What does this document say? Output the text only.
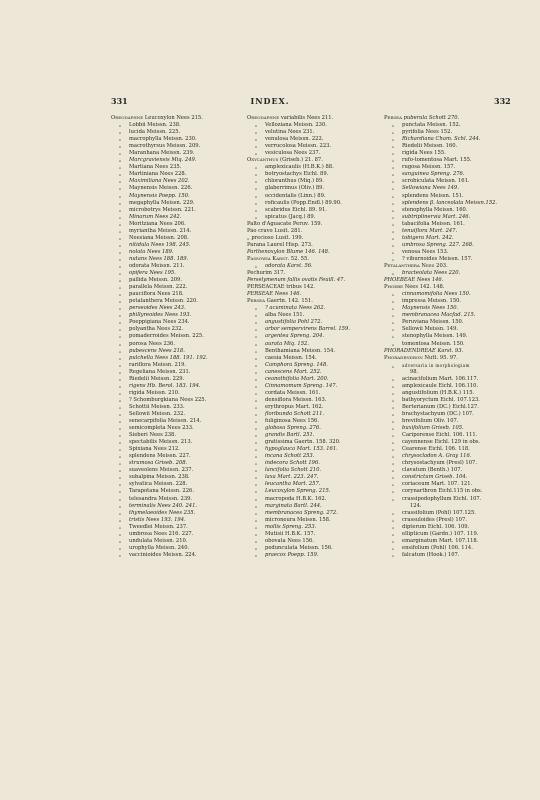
331	INDEX.	332
Oreodaphne Leucoxylon Nees 215.
„ Lobbii Meissn. 238.
„ lucida Meissn. 225.
„ macrophylla Meissn. 230.
„ macrothyrsus Meissn. 209.
„ Maranhana Meissn. 239.
„ Marcgraviensis Miq. 249.
„ Martiana Nees 235.
„ Martiniana Nees 228.
„ Maximiliana Nees 202.
„ Maynensis Meissn. 226.
„ Maynensis Poepp. 150.
„ megaphylla Meissn. 229.
„ microbotrys Meissn. 221.
„ Minarum Nees 242.
„ Moritziana Nees 206.
„ myriantha Meissn. 214.
„ Neesiana Meissn. 208.
„ nitidula Nees 198. 245.
„ nolata Nees 189.
„ nutans Nees 188. 189.
„ odorata Meissn. 211.
„ opifera Nees 195.
„ pallida Meissn. 209.
„ parallela Meissn. 222.
„ pauciflora Nees 218.
„ petalanthera Meissn. 220.
„ perseoides Nees 243.
„ phillyreoides Nees 193.
„ Poeppigiana Nees 234.
„ polyantha Nees 232.
„ pomaderroides Meissn. 225.
„ porosa Nees 236.
„ pubescens Nees 218.
„ pulchella Nees 188. 191. 192.
„ rariflora Meissn. 219.
„ Regeliana Meissn. 231.
„ Riedelii Meissn. 229.
„ rigens Hb. Berol. 183. 194.
„ rigida Meissn. 210.
„ ? Schomburgkiana Nees 225.
„ Schottii Meissn. 233.
„ Sellowii Meissn. 232.
„ senecarpifolia Meissn. 214.
„ semicompleta Nees 233.
„ Sieberi Nees 238.
„ spectabilis Meissn. 213.
„ Spixiana Nees 212.
„ splendens Meissn. 227.
„ strumosa Griseb. 208.
„ suaveolens Meissn. 237.
„ subalpina Meissn. 238.
„ sylvatica Meissn. 228.
„ Tarapotana Meissn. 226.
„ telesandra Meissn. 239.
„ terminalis Nees 240. 241.
„ thymelaeoides Nees 235.
„ tristis Nees 193. 194.
„ Tweedlei Meissn. 237.
„ umbrosa Nees 216. 227.
„ undulata Meissn. 210.
„ urophylla Meissn. 240.
„ vaccinioides Meissn. 224.
Oreodaphne variabilis Nees 211.
„ Velloziana Meissn. 230.
„ velutina Nees 231.
„ venulosa Meissn. 222.
„ verrucolosa Meissn. 223.
„ vesiculosa Nees 237.
Oxycanthus (Griseb.) 21. 87.
„ amplexicaulis (H.B.K.) 88.
„ botryostachys Eichl. 89.
„ chloranthus (Miq.) 89.
„ glaberrimus (Oliv.) 89.
„ occidentalis (Linn.) 89.
„ roficaulis (Popp.Endl.) 89.90.
„ scabridus Eichl. 89. 91.
„ spicatus (Jacq.) 89.
Palto d'Aguacate Peruv. 159.
Páo cravo Lusit. 281.
„ precioso Lusit. 199.
Parana Laurel Hisp. 273.
Parthenoxylon Blume 146. 148.
Passowia Karst. 52. 55.
„ odorata Karst. 56.
Pechurim 317.
Perselymenum fallis ovatis Feuill. 47.
PERSEACEAE tribus 142.
PERSEAE Nees 146.
Persea Gaertn. 142. 151.
„ ? acuminata Nees 262.
„ alba Nees 151.
„ angustifolia Pohl 272.
„ arbor sempervirens Barrel. 159.
„ argentea Spreng. 204.
„ aurata Miq. 152.
„ Benthamiana Meissn. 154.
„ caesia Meissn. 154.
„ Camphora Spreng. 148.
„ canescens Mart. 252.
„ ceanothifolia Mart. 200.
„ Cinnamomum Spreng. 147.
„ cordata Meissn. 161.
„ densiflora Meissn. 163.
„ erythropus Mart. 162.
„ floribunda Schott 211.
„ fuliginosa Nees 156.
„ globosa Spreng. 276.
„ grandis Bartl. 251.
„ gratissima Gaertn. 158. 320.
„ hypoglauca Mart. 153. 161.
„ incana Schott 253.
„ indecora Schott 196.
„ lancifolia Schott 210.
„ laxa Mart. 223. 247.
„ leucantha Mart. 257.
„ Leucoxylon Spreng. 215.
„ macropoda H.B.K. 162.
„ marginata Bartl. 244.
„ membranacea Spreng. 272.
„ microneura Meissn. 158.
„ mollis Spreng. 253.
„ Mutisii H.B.K. 157.
„ obovata Nees 156.
„ pedunculata Meissn. 156.
„ praecox Poepp. 159.
Persea puberula Schott 270.
„ punctata Meissn. 152.
„ pyrifolia Nees 152.
„ Richardiana Cham. Schl. 244.
„ Riedelii Meissn. 160.
„ rigida Nees 155.
„ rufo-tomentosa Mart. 155.
„ rugosa Meissn. 157.
„ sanguinea Spreng. 276.
„ scrobiculata Meissn. 161.
„ Sellowiana Nees 149.
„ splendens Meissn. 151.
„ splendens β. lanceolata Meissn.152.
„ stenophylla Meissn. 160.
„ subtriplinervia Mart. 246.
„ tabacifolia Meissn. 161.
„ tenuiflora Mart. 247.
„ tobigera Mart. 242.
„ umbrosa Spreng. 227. 268.
„ venosa Nees 153.
„ ? viburnoides Meissn. 157.
Petalanthera Nees 203.
„ bracteolata Nees 220.
PHOEBEAE Nees 146.
Phoebe Nees 142. 148.
„ cinnamomifolia Nees 150.
„ impressa Meissn. 150.
„ Maynensis Nees 150.
„ membranacea Macfad. 215.
„ Peruviana Meissn. 150.
„ Sellowii Meissn. 149.
„ stenophylla Meissn. 149.
„ tomentosa Meissn. 150.
PHORADENDREAE Karst. 93.
Phoradendron Nutt. 95. 97.
„ adversaria in morphologiam
98.
„ acinacifolium Mart. 106.117.
„ amplexicaule Eichl. 106.110.
„ angustifolium (H.B.K.) 115.
„ bathyoryctum Eichl. 107.123.
„ Berterianum (DC.) Eichl.127.
„ brachystachyum (DC.) 107.
„ brevifolium Oliv. 107.
„ buxifolium Griseb. 105.
„ Cariporense Eichl. 106. 111.
„ cayennense Eichl. 129 in obs.
„ Cearense Eichl. 106. 118.
„ chrysocladon A. Gray 116.
„ chrysostachyum (Presl) 107.
„ clavatum (Benth.) 107.
„ constrictum Griseb. 104.
„ coriaceum Mart. 107. 121.
„ corynarthron Eichl.115 in obs.
„ crassipodophyllum Eichl. 107.
124.
„ crassifolium (Pohl) 107.125.
„ crassuloides (Presl) 107.
„ dipterum Eichl. 106. 109.
„ ellipticum (Gardn.) 107. 119.
„ emarginatum Mart. 107.118.
„ ensifolium (Pohl) 106. 114.
„ falcatum (Hook.) 107.
